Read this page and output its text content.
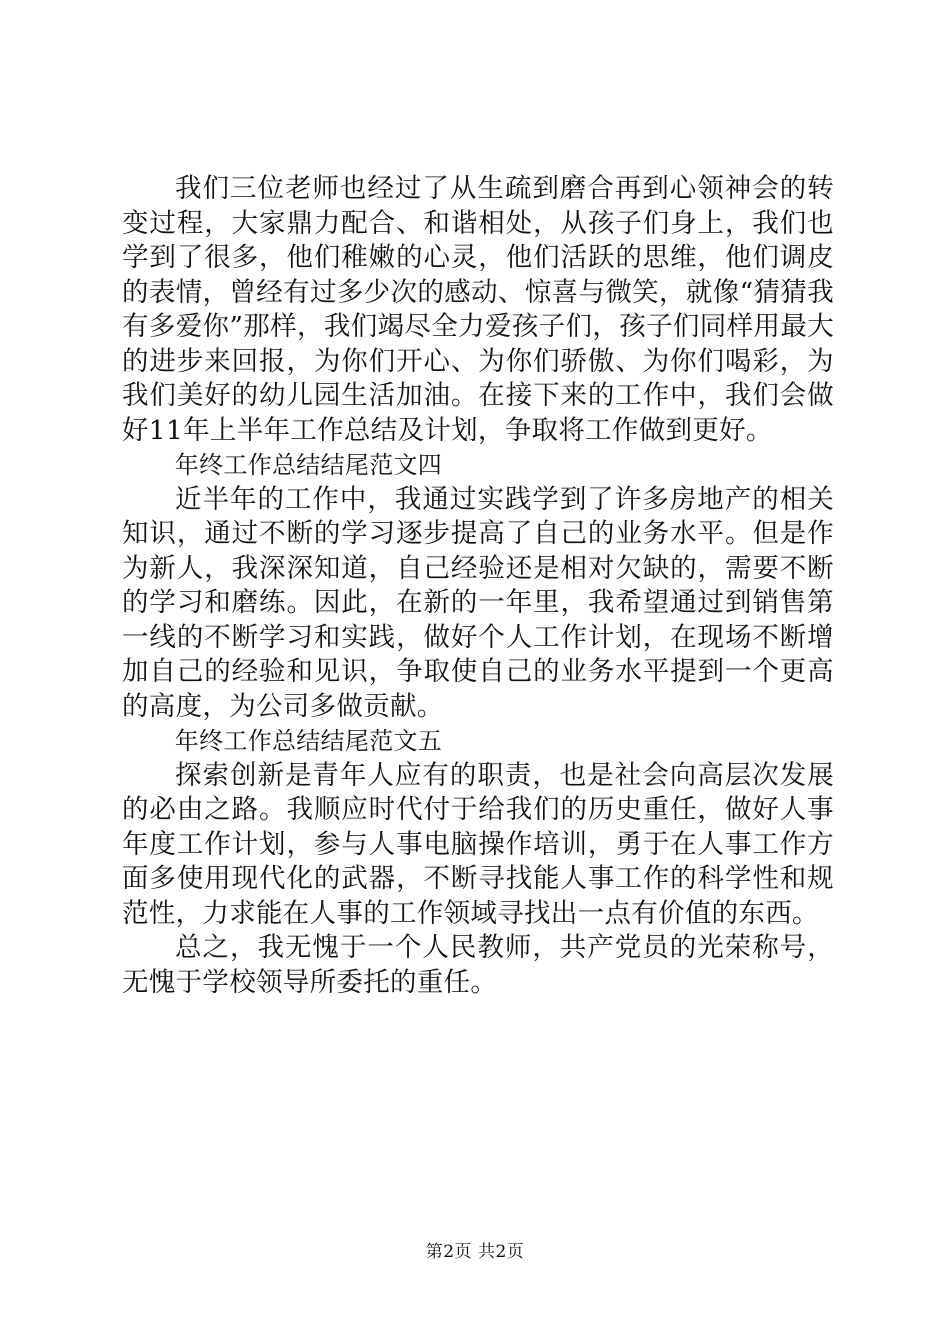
我们三位老师也经过了从生疏到磨合再到心领神会的转变过程，大家鼎力配合、和谐相处，从孩子们身上，我们也学到了很多，他们稚嫩的心灵，他们活跃的思维，他们调皮的表情，曾经有过多少次的感动、惊喜与微笑，就像“猜猜我有多爱你”那样，我们竭尽全力爱孩子们，孩子们同样用最大的进步来回报，为你们开心、为你们骄傲、为你们喝彩，为我们美好的幼儿园生活加油。在接下来的工作中，我们会做好11年上半年工作总结及计划，争取将工作做到更好。

年终工作总结结尾范文四

近半年的工作中，我通过实践学到了许多房地产的相关知识，通过不断的学习逐步提高了自己的业务水平。但是作为新人，我深深知道，自己经验还是相对欠缺的，需要不断的学习和磨练。因此，在新的一年里，我希望通过到销售第一线的不断学习和实践，做好个人工作计划，在现场不断增加自己的经验和见识，争取使自己的业务水平提到一个更高的高度，为公司多做贡献。

年终工作总结结尾范文五

探索创新是青年人应有的职责，也是社会向高层次发展的必由之路。我顺应时代付于给我们的历史重任，做好人事年度工作计划，参与人事电脑操作培训，勇于在人事工作方面多使用现代化的武器，不断寻找能人事工作的科学性和规范性，力求能在人事的工作领域寻找出一点有价值的东西。

总之，我无愧于一个人民教师，共产党员的光荣称号，无愧于学校领导所委托的重任。

第2页 共2页
